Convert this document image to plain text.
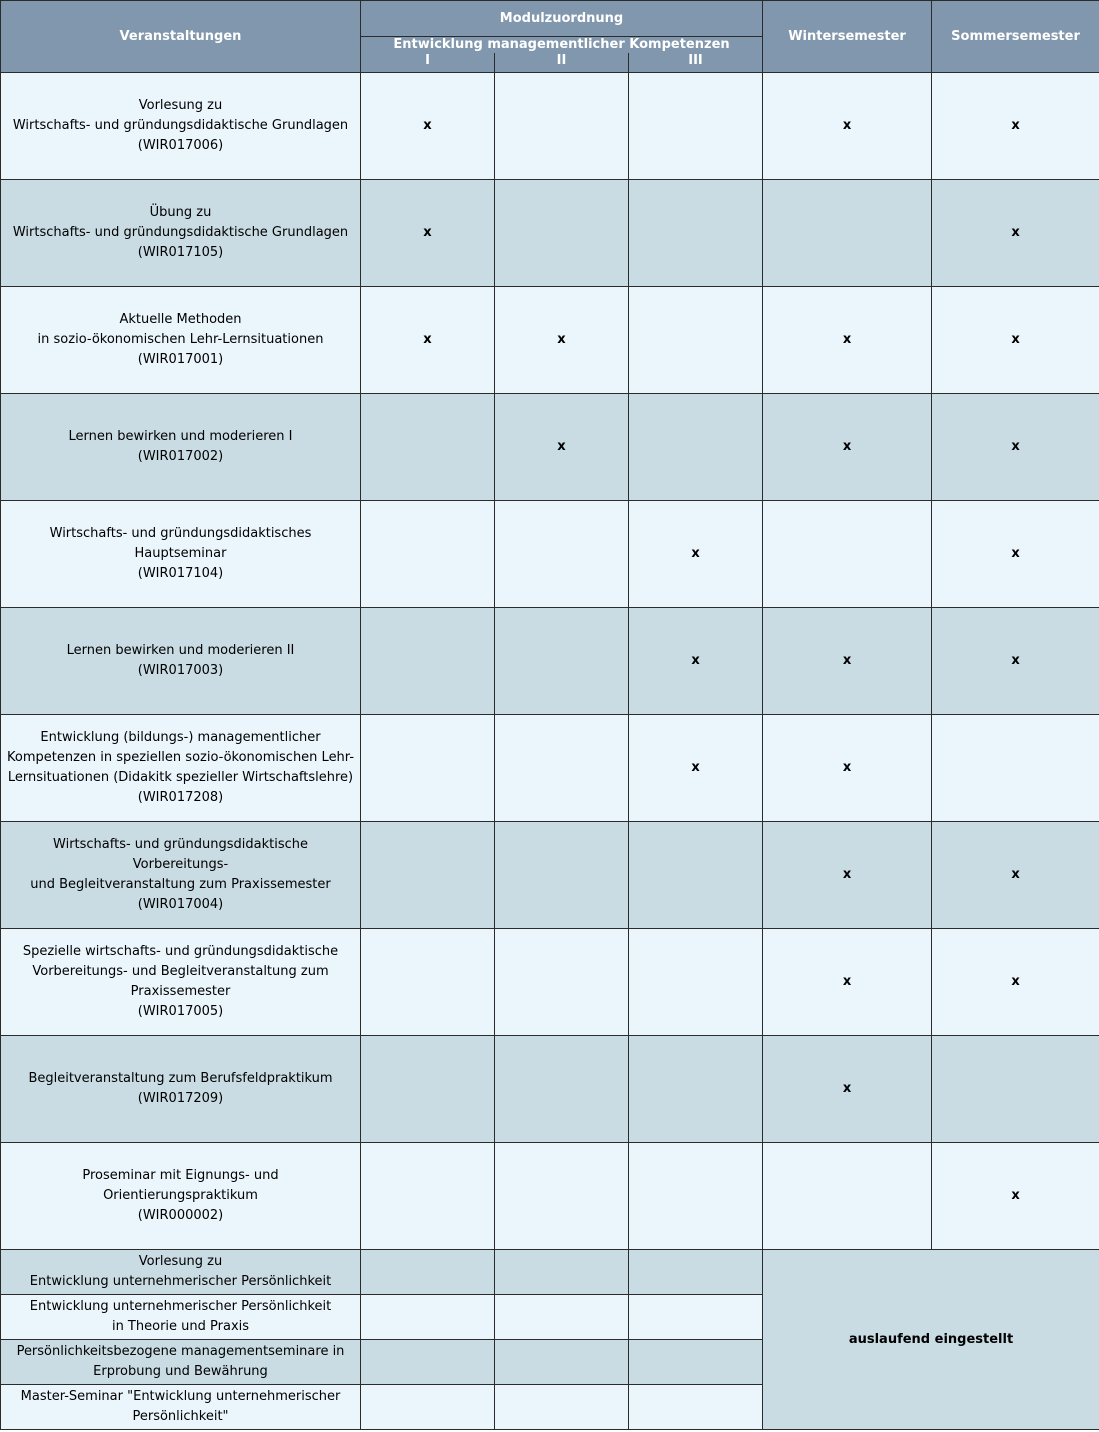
Veranstaltungen	Modulzuordnung			Wintersemester	Sommersemester
	Entwicklung managementlicher Kompetenzen				
	I	II	III		
Vorlesung zu
Wirtschafts- und gründungsdidaktische Grundlagen
(WIR017006)	x			x	x
Übung zu
Wirtschafts- und gründungsdidaktische Grundlagen
(WIR017105)	x				x
Aktuelle Methoden
in sozio-ökonomischen Lehr-Lernsituationen
(WIR017001)	x	x		x	x
Lernen bewirken und moderieren I
(WIR017002)		x		x	x
Wirtschafts- und gründungsdidaktisches
Hauptseminar
(WIR017104)			x		x
Lernen bewirken und moderieren II
(WIR017003)			x	x	x
Entwicklung (bildungs-) managementlicher
Kompetenzen in speziellen sozio-ökonomischen Lehr-
Lernsituationen (Didakitk spezieller Wirtschaftslehre)
(WIR017208)			x	x	
Wirtschafts- und gründungsdidaktische Vorbereitungs-
und Begleitveranstaltung zum Praxissemester
(WIR017004)				x	x
Spezielle wirtschafts- und gründungsdidaktische
Vorbereitungs- und Begleitveranstaltung zum
Praxissemester
(WIR017005)				x	x
Begleitveranstaltung zum Berufsfeldpraktikum
(WIR017209)				x	
Proseminar mit Eignungs- und Orientierungspraktikum
(WIR000002)					x
Vorlesung zu
Entwicklung unternehmerischer Persönlichkeit				auslaufend eingestellt	
Entwicklung unternehmerischer Persönlichkeit
in Theorie und Praxis					
Persönlichkeitsbezogene managementseminare in
Erprobung und Bewährung					
Master-Seminar "Entwicklung unternehmerischer
Persönlichkeit"					
